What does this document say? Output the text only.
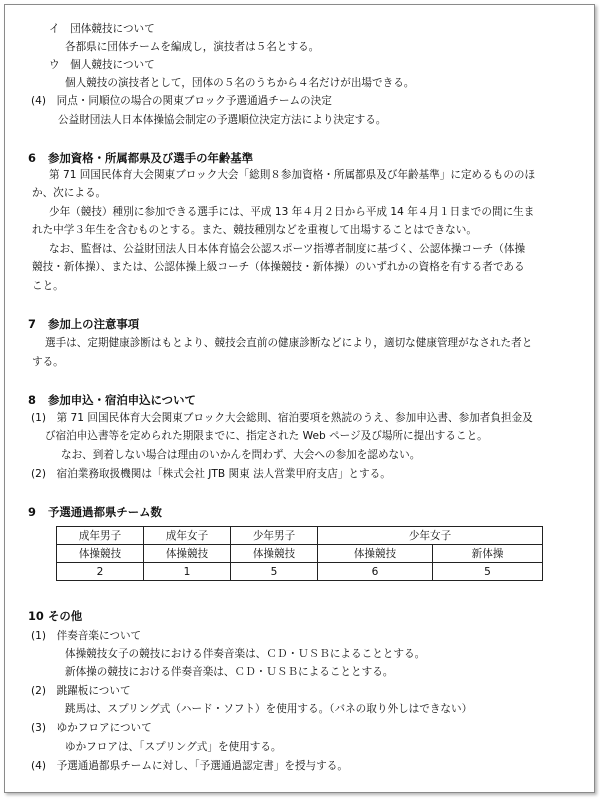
イ　団体競技について
各都県に団体チームを編成し，演技者は５名とする。
ウ　個人競技について
個人競技の演技者として，団体の５名のうちから４名だけが出場できる。
(4)　同点・同順位の場合の関東ブロック予選通過チームの決定
公益財団法人日本体操協会制定の予選順位決定方法により決定する。
6 参加資格・所属都県及び選手の年齢基準
第 71 回国民体育大会関東ブロック大会「総則８参加資格・所属都県及び年齢基準」に定めるもののほ
か、次による。
少年（競技）種別に参加できる選手には、平成 13 年４月２日から平成 14 年４月１日までの間に生ま
れた中学３年生を含むものとする。また、競技種別などを重複して出場することはできない。
なお、監督は、公益財団法人日本体育協会公認スポーツ指導者制度に基づく、公認体操コーチ（体操
競技・新体操）、または、公認体操上級コーチ（体操競技・新体操）のいずれかの資格を有する者である
こと。
7 参加上の注意事項
選手は、定期健康診断はもとより、競技会直前の健康診断などにより，適切な健康管理がなされた者と
する。
8 参加申込・宿泊申込について
(1)　第 71 回国民体育大会関東ブロック大会総則、宿泊要項を熟読のうえ、参加申込書、参加者負担金及
び宿泊申込書等を定められた期限までに、指定された Web ページ及び場所に提出すること。
なお、到着しない場合は理由のいかんを問わず、大会への参加を認めない。
(2)　宿泊業務取扱機関は「株式会社 JTB 関東 法人営業甲府支店」とする。
9 予選通過都県チーム数
成年男子	成年女子	少年男子	少年女子	
体操競技	体操競技	体操競技	体操競技	新体操
2	1	5	6	5
10 その他
(1)　伴奏音楽について
体操競技女子の競技における伴奏音楽は、ＣＤ・ＵＳＢによることとする。
新体操の競技における伴奏音楽は、ＣＤ・ＵＳＢによることとする。
(2)　跳躍板について
跳馬は、スプリング式（ハード・ソフト）を使用する。（バネの取り外しはできない）
(3)　ゆかフロアについて
ゆかフロアは、「スプリング式」を使用する。
(4)　予選通過都県チームに対し、「予選通過認定書」を授与する。
